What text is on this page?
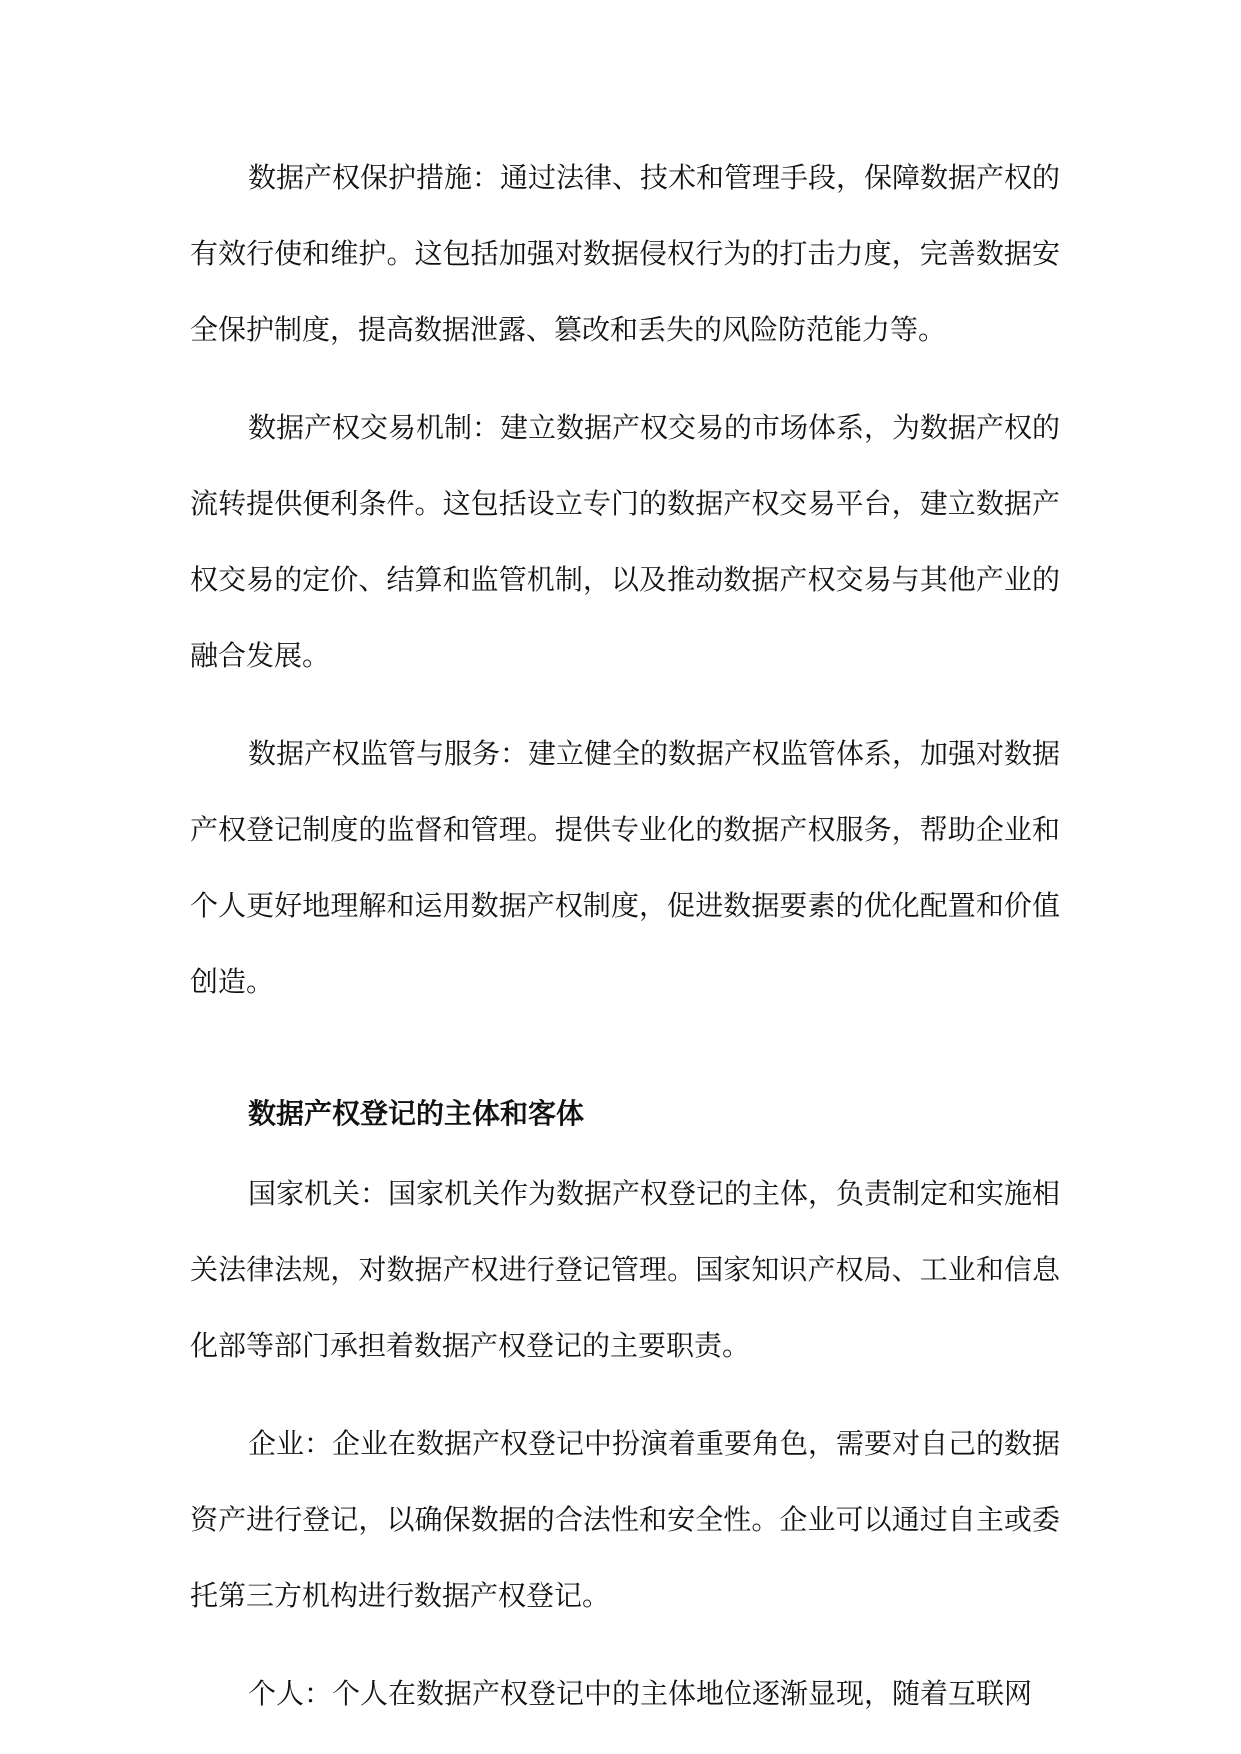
数据产权保护措施：通过法律、技术和管理手段，保障数据产权的有效行使和维护。这包括加强对数据侵权行为的打击力度，完善数据安全保护制度，提高数据泄露、篡改和丢失的风险防范能力等。

数据产权交易机制：建立数据产权交易的市场体系，为数据产权的流转提供便利条件。这包括设立专门的数据产权交易平台，建立数据产权交易的定价、结算和监管机制，以及推动数据产权交易与其他产业的融合发展。

数据产权监管与服务：建立健全的数据产权监管体系，加强对数据产权登记制度的监督和管理。提供专业化的数据产权服务，帮助企业和个人更好地理解和运用数据产权制度，促进数据要素的优化配置和价值创造。

数据产权登记的主体和客体

国家机关：国家机关作为数据产权登记的主体，负责制定和实施相关法律法规，对数据产权进行登记管理。国家知识产权局、工业和信息化部等部门承担着数据产权登记的主要职责。

企业：企业在数据产权登记中扮演着重要角色，需要对自己的数据资产进行登记，以确保数据的合法性和安全性。企业可以通过自主或委托第三方机构进行数据产权登记。

个人：个人在数据产权登记中的主体地位逐渐显现，随着互联网
